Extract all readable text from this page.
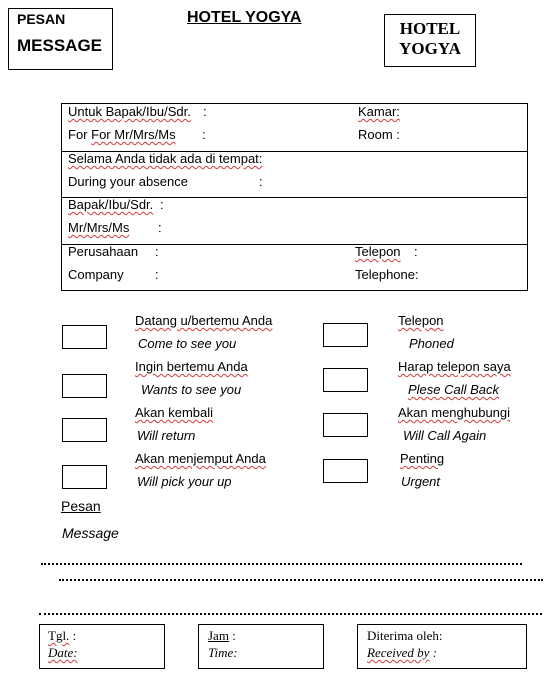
PESAN
MESSAGE
HOTEL YOGYA
HOTEL
YOGYA
Untuk Bapak/Ibu/Sdr. :
For For Mr/Mrs/Ms :
Kamar:
Room :
Selama Anda tidak ada di tempat:
During your absence	:
Bapak/Ibu/Sdr. :
Mr/Mrs/Ms :
Perusahaan :
Company :
Telepon :
Telephone:
Datang u/bertemu Anda
Come to see you
Ingin bertemu Anda
Wants to see you
Akan kembali
Will return
Akan menjemput Anda
Will pick your up
Telepon
Phoned
Harap telepon saya
Plese Call Back
Akan menghubungi
Will Call Again
Penting
Urgent
Pesan
Message
Tgl. :
Date:
Jam :
Time:
Diterima oleh:
Received by :
